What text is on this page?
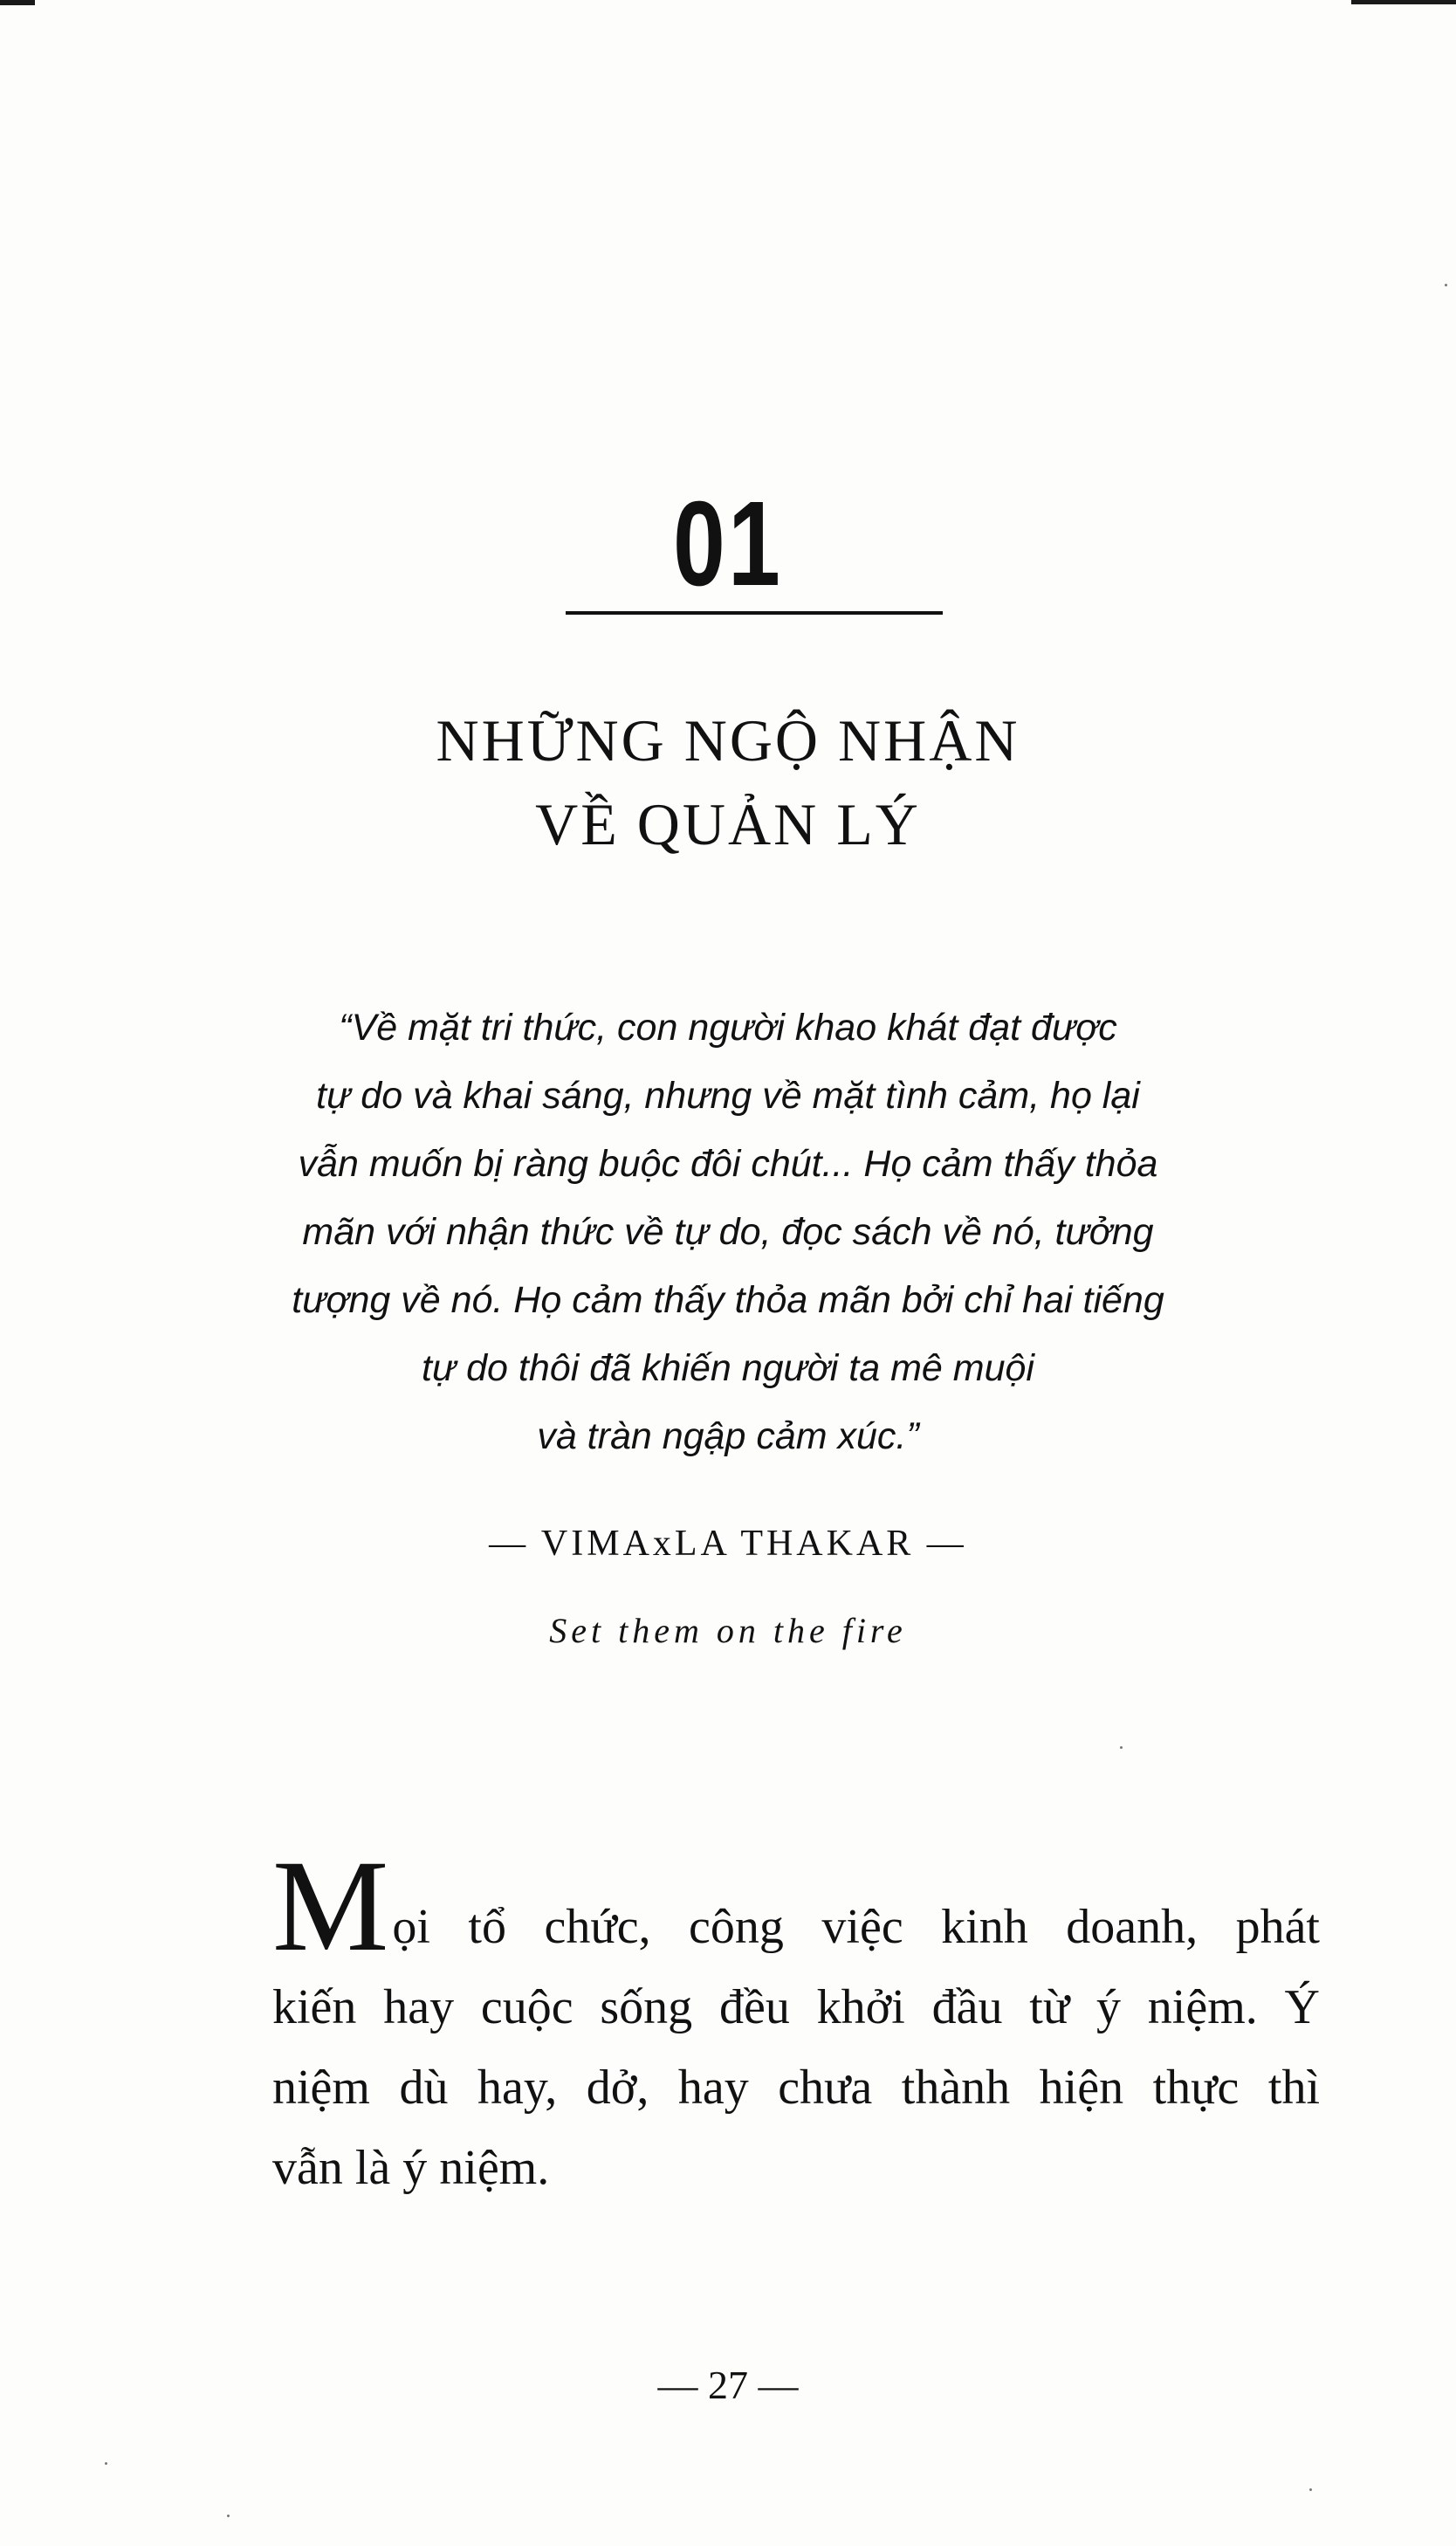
01
NHỮNG NGỘ NHẬN
VỀ QUẢN LÝ
“Về mặt tri thức, con người khao khát đạt được
tự do và khai sáng, nhưng về mặt tình cảm, họ lại
vẫn muốn bị ràng buộc đôi chút... Họ cảm thấy thỏa
mãn với nhận thức về tự do, đọc sách về nó, tưởng
tượng về nó. Họ cảm thấy thỏa mãn bởi chỉ hai tiếng
tự do thôi đã khiến người ta mê muội
và tràn ngập cảm xúc.”
— VIMAxLA THAKAR —
Set them on the fire
Mọi tổ chức, công việc kinh doanh, phát
kiến hay cuộc sống đều khởi đầu từ ý niệm. Ý
niệm dù hay, dở, hay chưa thành hiện thực thì
vẫn là ý niệm.
— 27 —
